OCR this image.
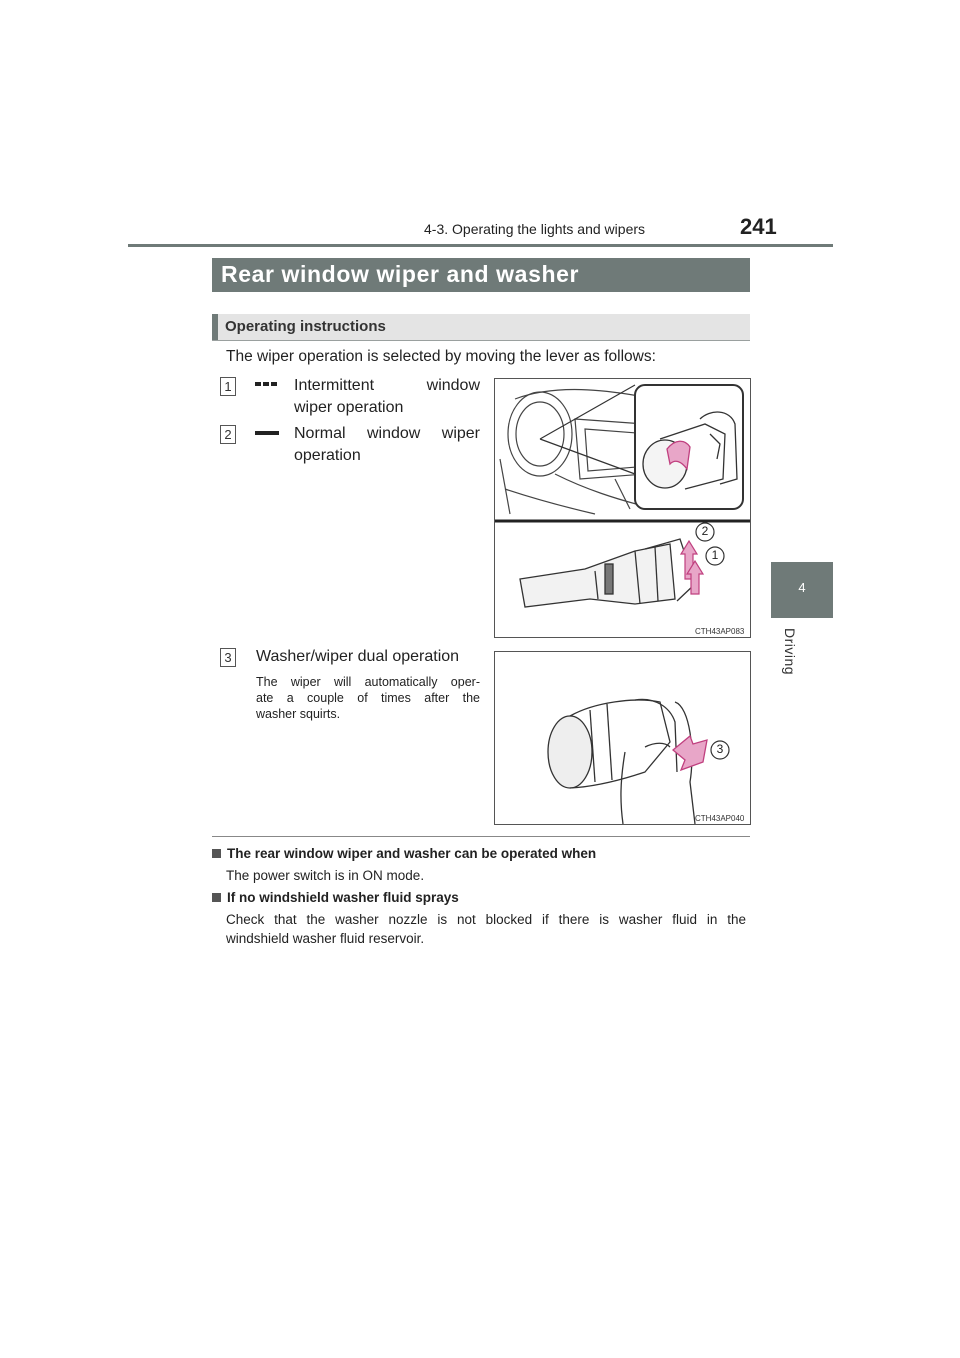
4-3. Operating the lights and wipers	241
4
Driving
Rear window wiper and washer
Operating instructions
The wiper operation is selected by moving the lever as follows:
1	Intermittent window
wiper operation
2	Normal window wiper
operation
3 Washer/wiper dual operation
The wiper will automatically oper-
ate a couple of times after the
washer squirts.
2
1
CTH43AP083
3
CTH43AP040
The rear window wiper and washer can be operated when
The power switch is in ON mode.
If no windshield washer fluid sprays
Check that the washer nozzle is not blocked if there is washer fluid in the
windshield washer fluid reservoir.
